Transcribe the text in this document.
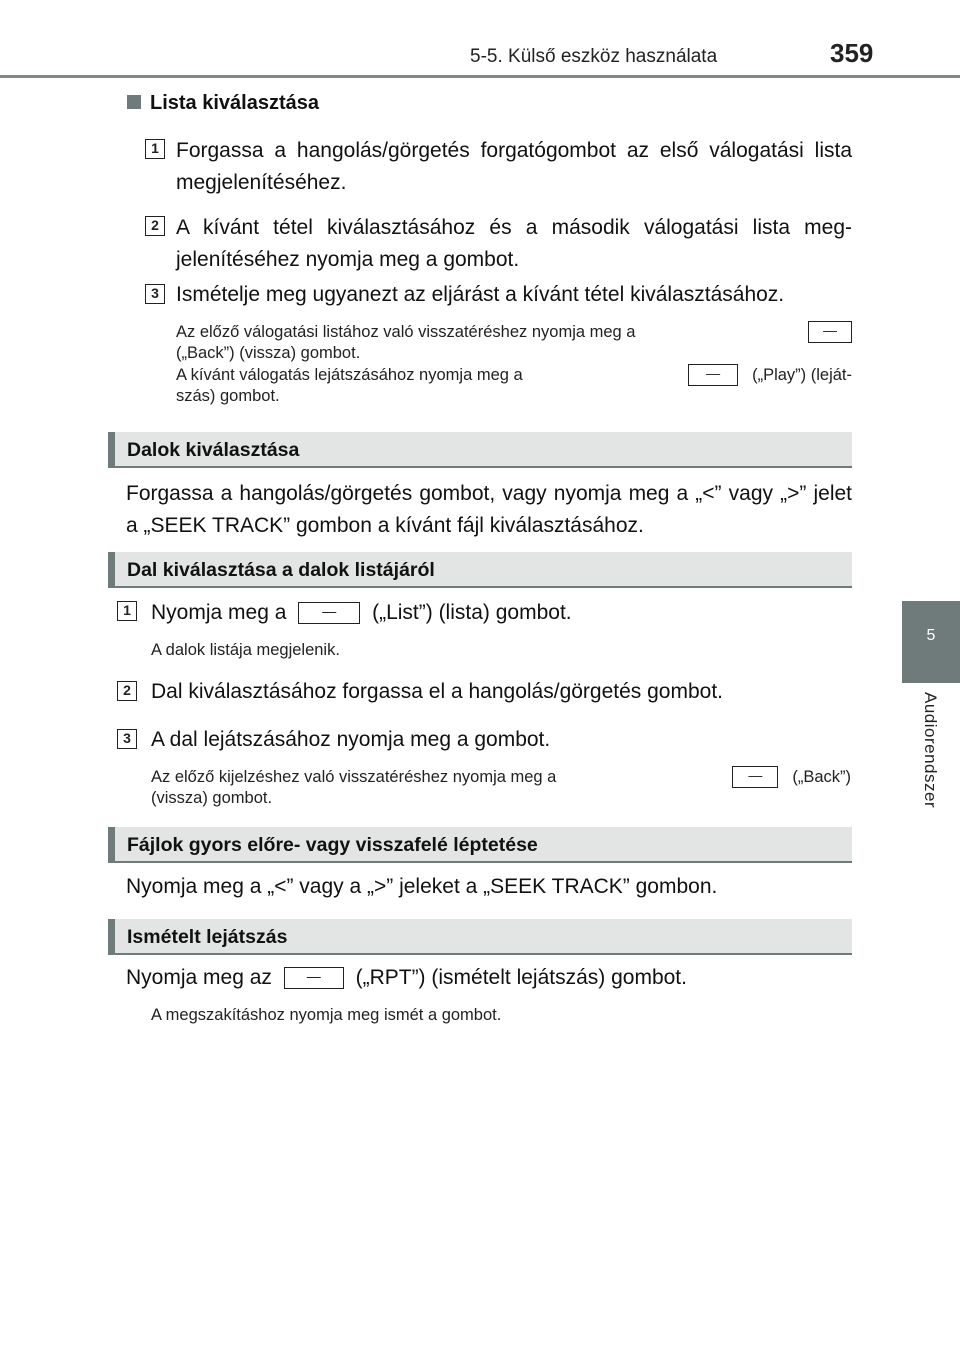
5-5. Külső eszköz használata	359
5
Audiorendszer
Lista kiválasztása
1 Forgassa a hangolás/görgetés forgatógombot az első válogatási lista megjelenítéséhez.
2 A kívánt tétel kiválasztásához és a második válogatási lista meg-jelenítéséhez nyomja meg a gombot.
3 Ismételje meg ugyanezt az eljárást a kívánt tétel kiválasztásához.
Az előző válogatási listához való visszatéréshez nyomja meg a	—
(„Back”) (vissza) gombot.
A kívánt válogatás lejátszásához nyomja meg a	—	(„Play”) (leját-
szás) gombot.
Dalok kiválasztása
Forgassa a hangolás/görgetés gombot, vagy nyomja meg a „<” vagy „>” jelet a „SEEK TRACK” gombon a kívánt fájl kiválasztásához.
Dal kiválasztása a dalok listájáról
1 Nyomja meg a	— („List”) (lista) gombot.
A dalok listája megjelenik.
2 Dal kiválasztásához forgassa el a hangolás/görgetés gombot.
3 A dal lejátszásához nyomja meg a gombot.
Az előző kijelzéshez való visszatéréshez nyomja meg a	—	(„Back”)
(vissza) gombot.
Fájlok gyors előre- vagy visszafelé léptetése
Nyomja meg a „<” vagy a „>” jeleket a „SEEK TRACK” gombon.
Ismételt lejátszás
Nyomja meg az — („RPT”) (ismételt lejátszás) gombot.
A megszakításhoz nyomja meg ismét a gombot.
